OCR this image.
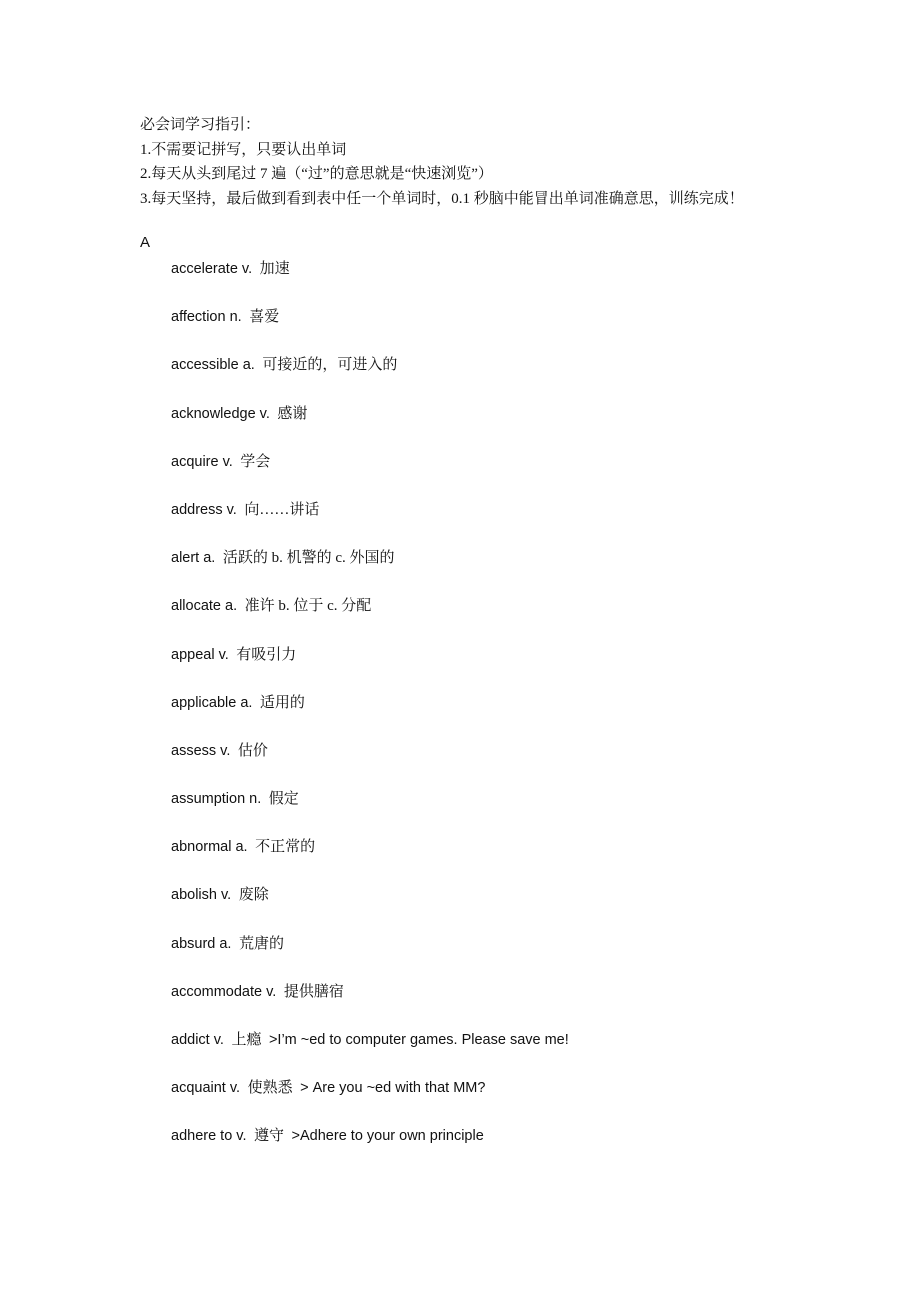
必会词学习指引：
1.不需要记拼写，只要认出单词
2.每天从头到尾过 7 遍（“过”的意思就是“快速浏览”）
3.每天坚持，最后做到看到表中任一个单词时，0.1 秒脑中能冒出单词准确意思，训练完成！
A
accelerate v. 加速
affection n. 喜爱
accessible a. 可接近的，可进入的
acknowledge v. 感谢
acquire v. 学会
address v. 向……讲话
alert a. 活跃的 b. 机警的 c. 外国的
allocate a. 准许 b. 位于 c. 分配
appeal v. 有吸引力
applicable a. 适用的
assess v. 估价
assumption n. 假定
abnormal a. 不正常的
abolish v. 废除
absurd a. 荒唐的
accommodate v. 提供膳宿
addict v. 上瘾 >I’m ~ed to computer games. Please save me!
acquaint v. 使熟悉 > Are you ~ed with that MM?
adhere to v. 遵守 >Adhere to your own principle
